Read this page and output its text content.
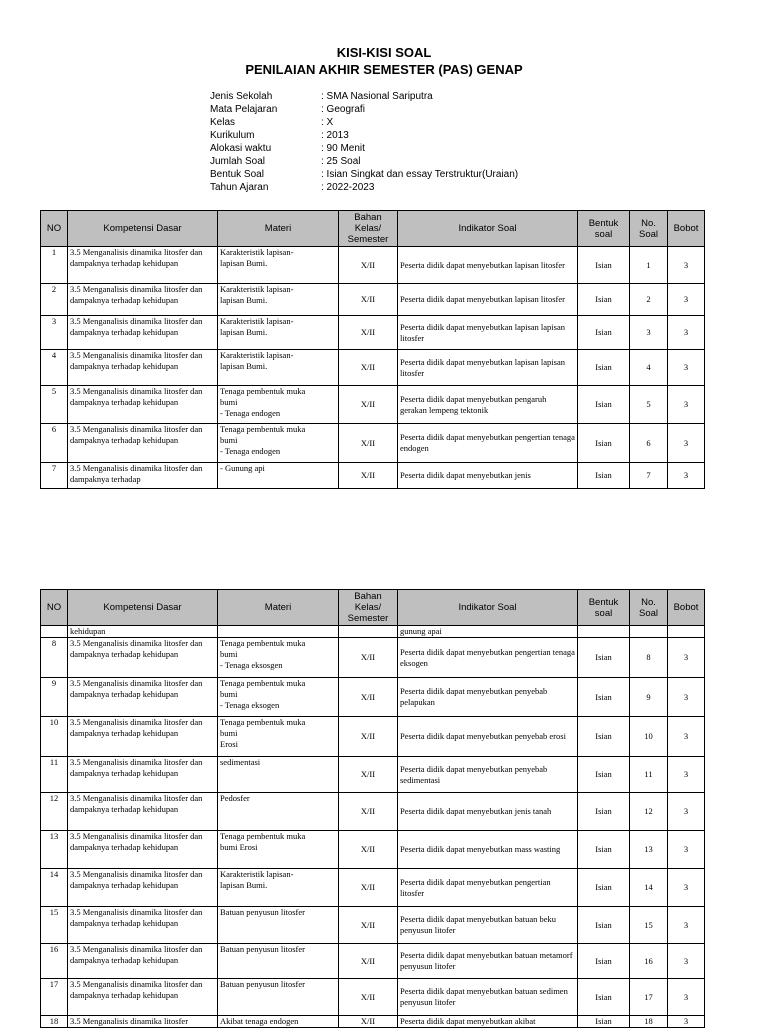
KISI-KISI SOAL
PENILAIAN AKHIR SEMESTER (PAS) GENAP
Jenis Sekolah	: SMA Nasional Sariputra
Mata Pelajaran	: Geografi
Kelas	: X
Kurikulum	: 2013
Alokasi waktu	: 90 Menit
Jumlah Soal	: 25 Soal
Bentuk Soal	: Isian Singkat dan essay Terstruktur(Uraian)
Tahun Ajaran	: 2022-2023
NO	Kompetensi Dasar	Materi	Bahan
Kelas/
Semester	Indikator Soal	Bentuk
soal	No.
Soal	Bobot

1	3.5 Menganalisis dinamika litosfer dan dampaknya terhadap kehidupan	Karakteristik lapisan-
lapisan Bumi.	X/II	Peserta didik dapat menyebutkan lapisan litosfer	Isian	1	3

2	3.5 Menganalisis dinamika litosfer dan dampaknya terhadap kehidupan	Karakteristik lapisan-
lapisan Bumi.	X/II	Peserta didik dapat menyebutkan lapisan litosfer	Isian	2	3

3	3.5 Menganalisis dinamika litosfer dan dampaknya terhadap kehidupan	Karakteristik lapisan-
lapisan Bumi.	X/II	Peserta didik dapat menyebutkan lapisan lapisan litosfer	Isian	3	3

4	3.5 Menganalisis dinamika litosfer dan dampaknya terhadap kehidupan	Karakteristik lapisan-
lapisan Bumi.	X/II	Peserta didik dapat menyebutkan lapisan lapisan litosfer	Isian	4	3

5	3.5 Menganalisis dinamika litosfer dan dampaknya terhadap kehidupan	Tenaga pembentuk muka
bumi
- Tenaga endogen	X/II	Peserta didik dapat menyebutkan pengaruh gerakan lempeng tektonik	Isian	5	3

6	3.5 Menganalisis dinamika litosfer dan dampaknya terhadap kehidupan	Tenaga pembentuk muka
bumi
- Tenaga endogen	X/II	Peserta didik dapat menyebutkan pengertian tenaga endogen	Isian	6	3

7	3.5 Menganalisis dinamika litosfer dan dampaknya terhadap	- Gunung api	X/II	Peserta didik dapat menyebutkan jenis	Isian	7	3
NO	Kompetensi Dasar	Materi	Bahan
Kelas/
Semester	Indikator Soal	Bentuk
soal	No.
Soal	Bobot

	kehidupan			gunung apai			

8	3.5 Menganalisis dinamika litosfer dan dampaknya terhadap kehidupan	Tenaga pembentuk muka
bumi
- Tenaga eksosgen	X/II	Peserta didik dapat menyebutkan pengertian tenaga eksogen	Isian	8	3

9	3.5 Menganalisis dinamika litosfer dan dampaknya terhadap kehidupan	Tenaga pembentuk muka
bumi
- Tenaga eksogen	X/II	Peserta didik dapat menyebutkan penyebab pelapukan	Isian	9	3

10	3.5 Menganalisis dinamika litosfer dan dampaknya terhadap kehidupan	Tenaga pembentuk muka
bumi
Erosi	X/II	Peserta didik dapat menyebutkan penyebab erosi	Isian	10	3

11	3.5 Menganalisis dinamika litosfer dan dampaknya terhadap kehidupan	sedimentasi	X/II	Peserta didik dapat menyebutkan penyebab sedimentasi	Isian	11	3

12	3.5 Menganalisis dinamika litosfer dan dampaknya terhadap kehidupan	Pedosfer	X/II	Peserta didik dapat menyebutkan jenis tanah	Isian	12	3

13	3.5 Menganalisis dinamika litosfer dan dampaknya terhadap kehidupan	Tenaga pembentuk muka
bumi Erosi	X/II	Peserta didik dapat menyebutkan mass wasting	Isian	13	3

14	3.5 Menganalisis dinamika litosfer dan dampaknya terhadap kehidupan	Karakteristik lapisan-
lapisan Bumi.	X/II	Peserta didik dapat menyebutkan pengertian litosfer	Isian	14	3

15	3.5 Menganalisis dinamika litosfer dan dampaknya terhadap kehidupan	Batuan penyusun litosfer	X/II	Peserta didik dapat menyebutkan batuan beku penyusun litofer	Isian	15	3

16	3.5 Menganalisis dinamika litosfer dan dampaknya terhadap kehidupan	Batuan penyusun litosfer	X/II	Peserta didik dapat menyebutkan batuan metamorf penyusun litofer	Isian	16	3

17	3.5 Menganalisis dinamika litosfer dan dampaknya terhadap kehidupan	Batuan penyusun litosfer	X/II	Peserta didik dapat menyebutkan batuan sedimen penyusun litofer	Isian	17	3

18	3.5 Menganalisis dinamika litosfer	Akibat tenaga endogen	X/II	Peserta didik dapat menyebutkan akibat	Isian	18	3
